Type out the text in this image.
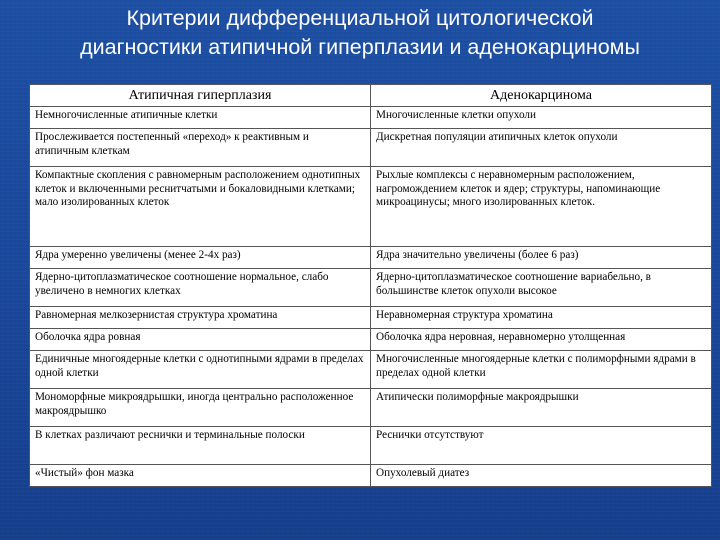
Критерии дифференциальной цитологической
диагностики атипичной гиперплазии и аденокарциномы
Атипичная гиперплазия	Аденокарцинома
Немногочисленные атипичные клетки	Многочисленные клетки опухоли
Прослеживается постепенный «переход» к реактивным и атипичным клеткам	Дискретная популяции атипичных клеток опухоли
Компактные скопления с равномерным расположением однотипных клеток и включенными реснитчатыми и бокаловидными клетками; мало изолированных клеток	Рыхлые комплексы с неравномерным расположением, нагромождением клеток и ядер; структуры, напоминающие микроацинусы; много изолированных клеток.
Ядра умеренно увеличены (менее 2-4х раз)	Ядра значительно увеличены (более 6 раз)
Ядерно-цитоплазматическое соотношение нормальное, слабо увеличено в немногих клетках	Ядерно-цитоплазматическое соотношение вариабельно, в большинстве клеток опухоли высокое
Равномерная мелкозернистая структура хроматина	Неравномерная структура хроматина
Оболочка ядра ровная	Оболочка ядра неровная, неравномерно утолщенная
Единичные многоядерные клетки с однотипными ядрами в пределах одной клетки	Многочисленные многоядерные клетки с полиморфными ядрами в пределах одной клетки
Мономорфные микроядрышки, иногда центрально расположенное макроядрышко	Атипически полиморфные макроядрышки
В клетках различают реснички и терминальные полоски	Реснички отсутствуют
«Чистый» фон мазка	Опухолевый диатез
